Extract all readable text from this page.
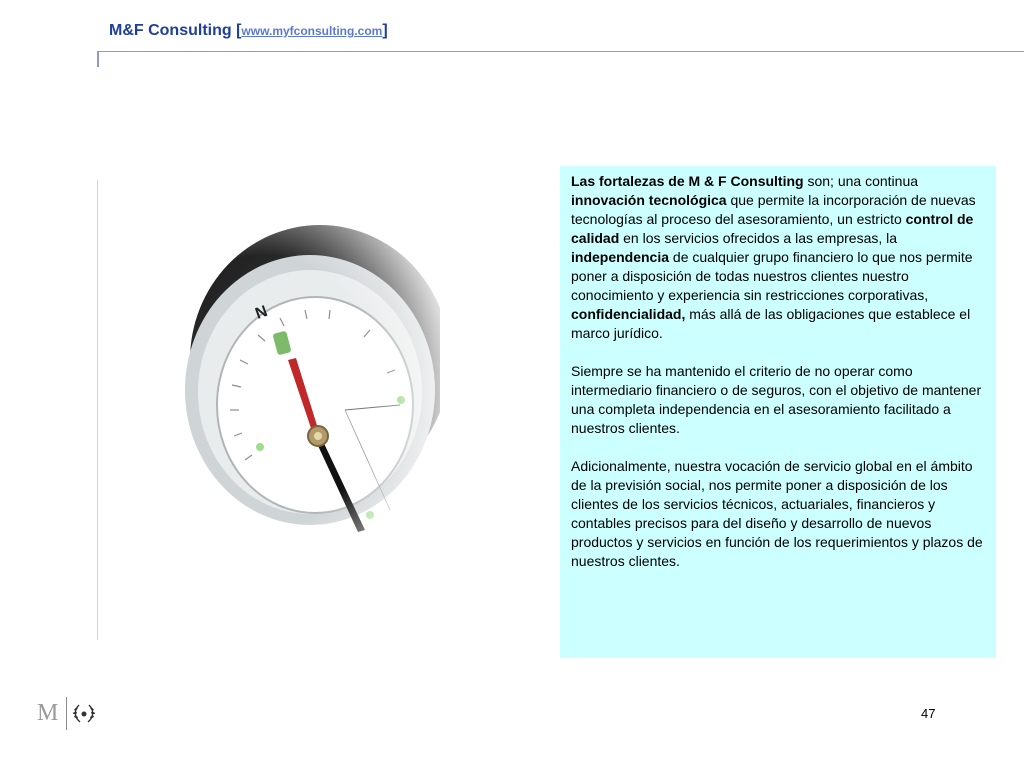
M&F Consulting [www.myfconsulting.com]

Las fortalezas de M & F Consulting son; una continua innovación tecnológica que permite la incorporación de nuevas tecnologías al proceso del asesoramiento, un estricto control de calidad en los servicios ofrecidos a las empresas, la independencia de cualquier grupo financiero lo que nos permite poner a disposición de todas nuestros clientes nuestro conocimiento y experiencia sin restricciones corporativas, confidencialidad, más allá de las obligaciones que establece el marco jurídico.

Siempre se ha mantenido el criterio de no operar como intermediario financiero o de seguros, con el objetivo de mantener una completa independencia en el asesoramiento facilitado a nuestros clientes.

Adicionalmente, nuestra vocación de servicio global en el ámbito de la previsión social, nos permite poner a disposición de los clientes de los servicios técnicos, actuariales, financieros y contables precisos para del diseño y desarrollo de nuevos productos y servicios en función de los requerimientos y plazos de nuestros clientes.

M	47
